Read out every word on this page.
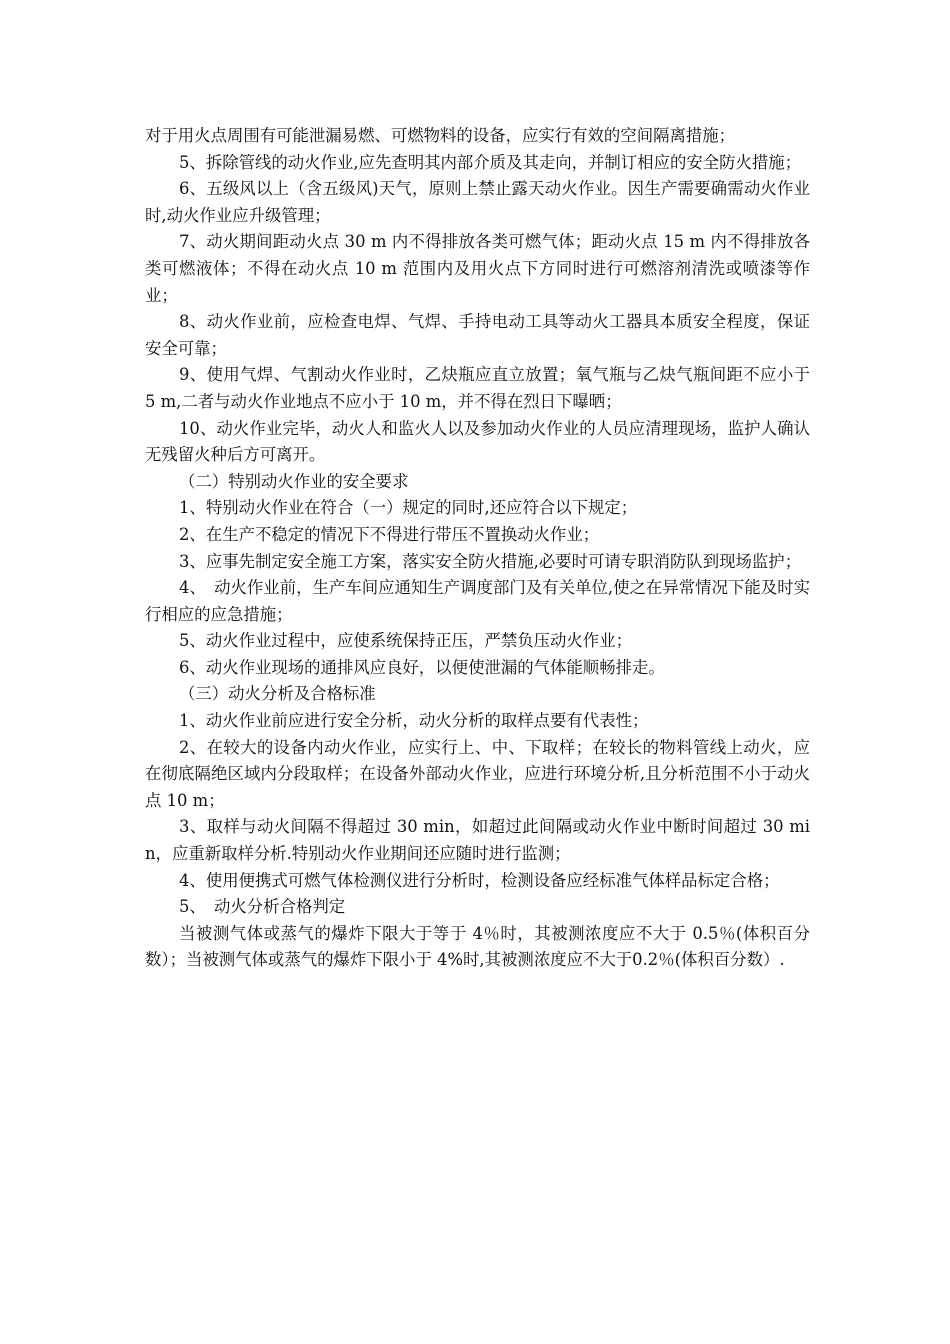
对于用火点周围有可能泄漏易燃、可燃物料的设备，应实行有效的空间隔离措施；

5、拆除管线的动火作业,应先查明其内部介质及其走向，并制订相应的安全防火措施；

6、五级风以上（含五级风)天气，原则上禁止露天动火作业。因生产需要确需动火作业时,动火作业应升级管理；

7、动火期间距动火点 30 m 内不得排放各类可燃气体；距动火点 15 m 内不得排放各类可燃液体；不得在动火点 10 m 范围内及用火点下方同时进行可燃溶剂清洗或喷漆等作业；

8、动火作业前，应检查电焊、气焊、手持电动工具等动火工器具本质安全程度，保证安全可靠；

9、使用气焊、气割动火作业时，乙炔瓶应直立放置；氧气瓶与乙炔气瓶间距不应小于 5 m,二者与动火作业地点不应小于 10 m，并不得在烈日下曝晒；

10、动火作业完毕，动火人和监火人以及参加动火作业的人员应清理现场，监护人确认无残留火种后方可离开。

（二）特别动火作业的安全要求

1、特别动火作业在符合（一）规定的同时,还应符合以下规定；

2、在生产不稳定的情况下不得进行带压不置换动火作业；

3、应事先制定安全施工方案，落实安全防火措施,必要时可请专职消防队到现场监护；

4、　动火作业前，生产车间应通知生产调度部门及有关单位,使之在异常情况下能及时实行相应的应急措施；

5、动火作业过程中，应使系统保持正压，严禁负压动火作业；

6、动火作业现场的通排风应良好，以便使泄漏的气体能顺畅排走。

（三）动火分析及合格标准

1、动火作业前应进行安全分析，动火分析的取样点要有代表性；

2、在较大的设备内动火作业，应实行上、中、下取样；在较长的物料管线上动火，应在彻底隔绝区域内分段取样；在设备外部动火作业，应进行环境分析,且分析范围不小于动火点 10 m；

3、取样与动火间隔不得超过 30 min，如超过此间隔或动火作业中断时间超过 30 min，应重新取样分析.特别动火作业期间还应随时进行监测；

4、使用便携式可燃气体检测仪进行分析时，检测设备应经标准气体样品标定合格；

5、　动火分析合格判定

当被测气体或蒸气的爆炸下限大于等于 4％时，其被测浓度应不大于 0.5％(体积百分数）；当被测气体或蒸气的爆炸下限小于 4%时,其被测浓度应不大于0.2％(体积百分数）.
